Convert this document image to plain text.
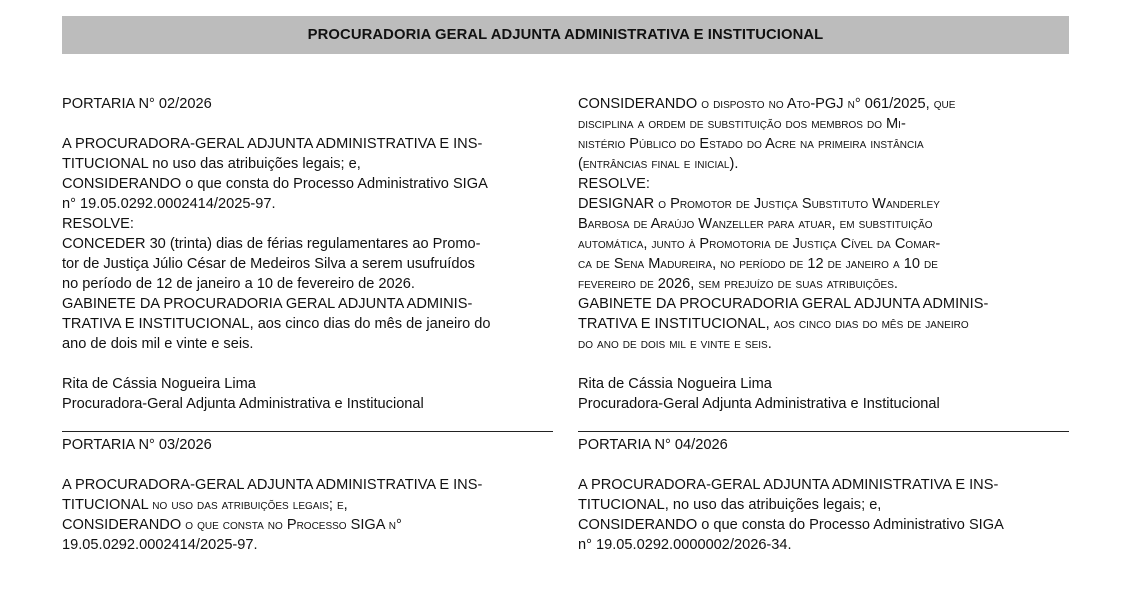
PROCURADORIA GERAL ADJUNTA ADMINISTRATIVA E INSTITUCIONAL
PORTARIA N° 02/2026
A PROCURADORA-GERAL ADJUNTA ADMINISTRATIVA E INS-
TITUCIONAL no uso das atribuições legais; e,
CONSIDERANDO o que consta do Processo Administrativo SIGA
n° 19.05.0292.0002414/2025-97.
RESOLVE:
CONCEDER 30 (trinta) dias de férias regulamentares ao Promo-
tor de Justiça Júlio César de Medeiros Silva a serem usufruídos
no período de 12 de janeiro a 10 de fevereiro de 2026.
GABINETE DA PROCURADORIA GERAL ADJUNTA ADMINIS-
TRATIVA E INSTITUCIONAL, aos cinco dias do mês de janeiro do
ano de dois mil e vinte e seis.
Rita de Cássia Nogueira Lima
Procuradora-Geral Adjunta Administrativa e Institucional
CONSIDERANDO o disposto no Ato-PGJ n° 061/2025, que
disciplina a ordem de substituição dos membros do Mi-
nistério Público do Estado do Acre na primeira instância
(entrâncias final e inicial).
RESOLVE:
DESIGNAR o Promotor de Justiça Substituto Wanderley
Barbosa de Araújo Wanzeller para atuar, em substituição
automática, junto à Promotoria de Justiça Cível da Comar-
ca de Sena Madureira, no período de 12 de janeiro a 10 de
fevereiro de 2026, sem prejuízo de suas atribuições.
GABINETE DA PROCURADORIA GERAL ADJUNTA ADMINIS-
TRATIVA E INSTITUCIONAL, aos cinco dias do mês de janeiro
do ano de dois mil e vinte e seis.
Rita de Cássia Nogueira Lima
Procuradora-Geral Adjunta Administrativa e Institucional
PORTARIA N° 03/2026
A PROCURADORA-GERAL ADJUNTA ADMINISTRATIVA E INS-
TITUCIONAL no uso das atribuições legais; e,
CONSIDERANDO o que consta no Processo SIGA n°
19.05.0292.0002414/2025-97.
PORTARIA N° 04/2026
A PROCURADORA-GERAL ADJUNTA ADMINISTRATIVA E INS-
TITUCIONAL, no uso das atribuições legais; e,
CONSIDERANDO o que consta do Processo Administrativo SIGA
n° 19.05.0292.0000002/2026-34.
